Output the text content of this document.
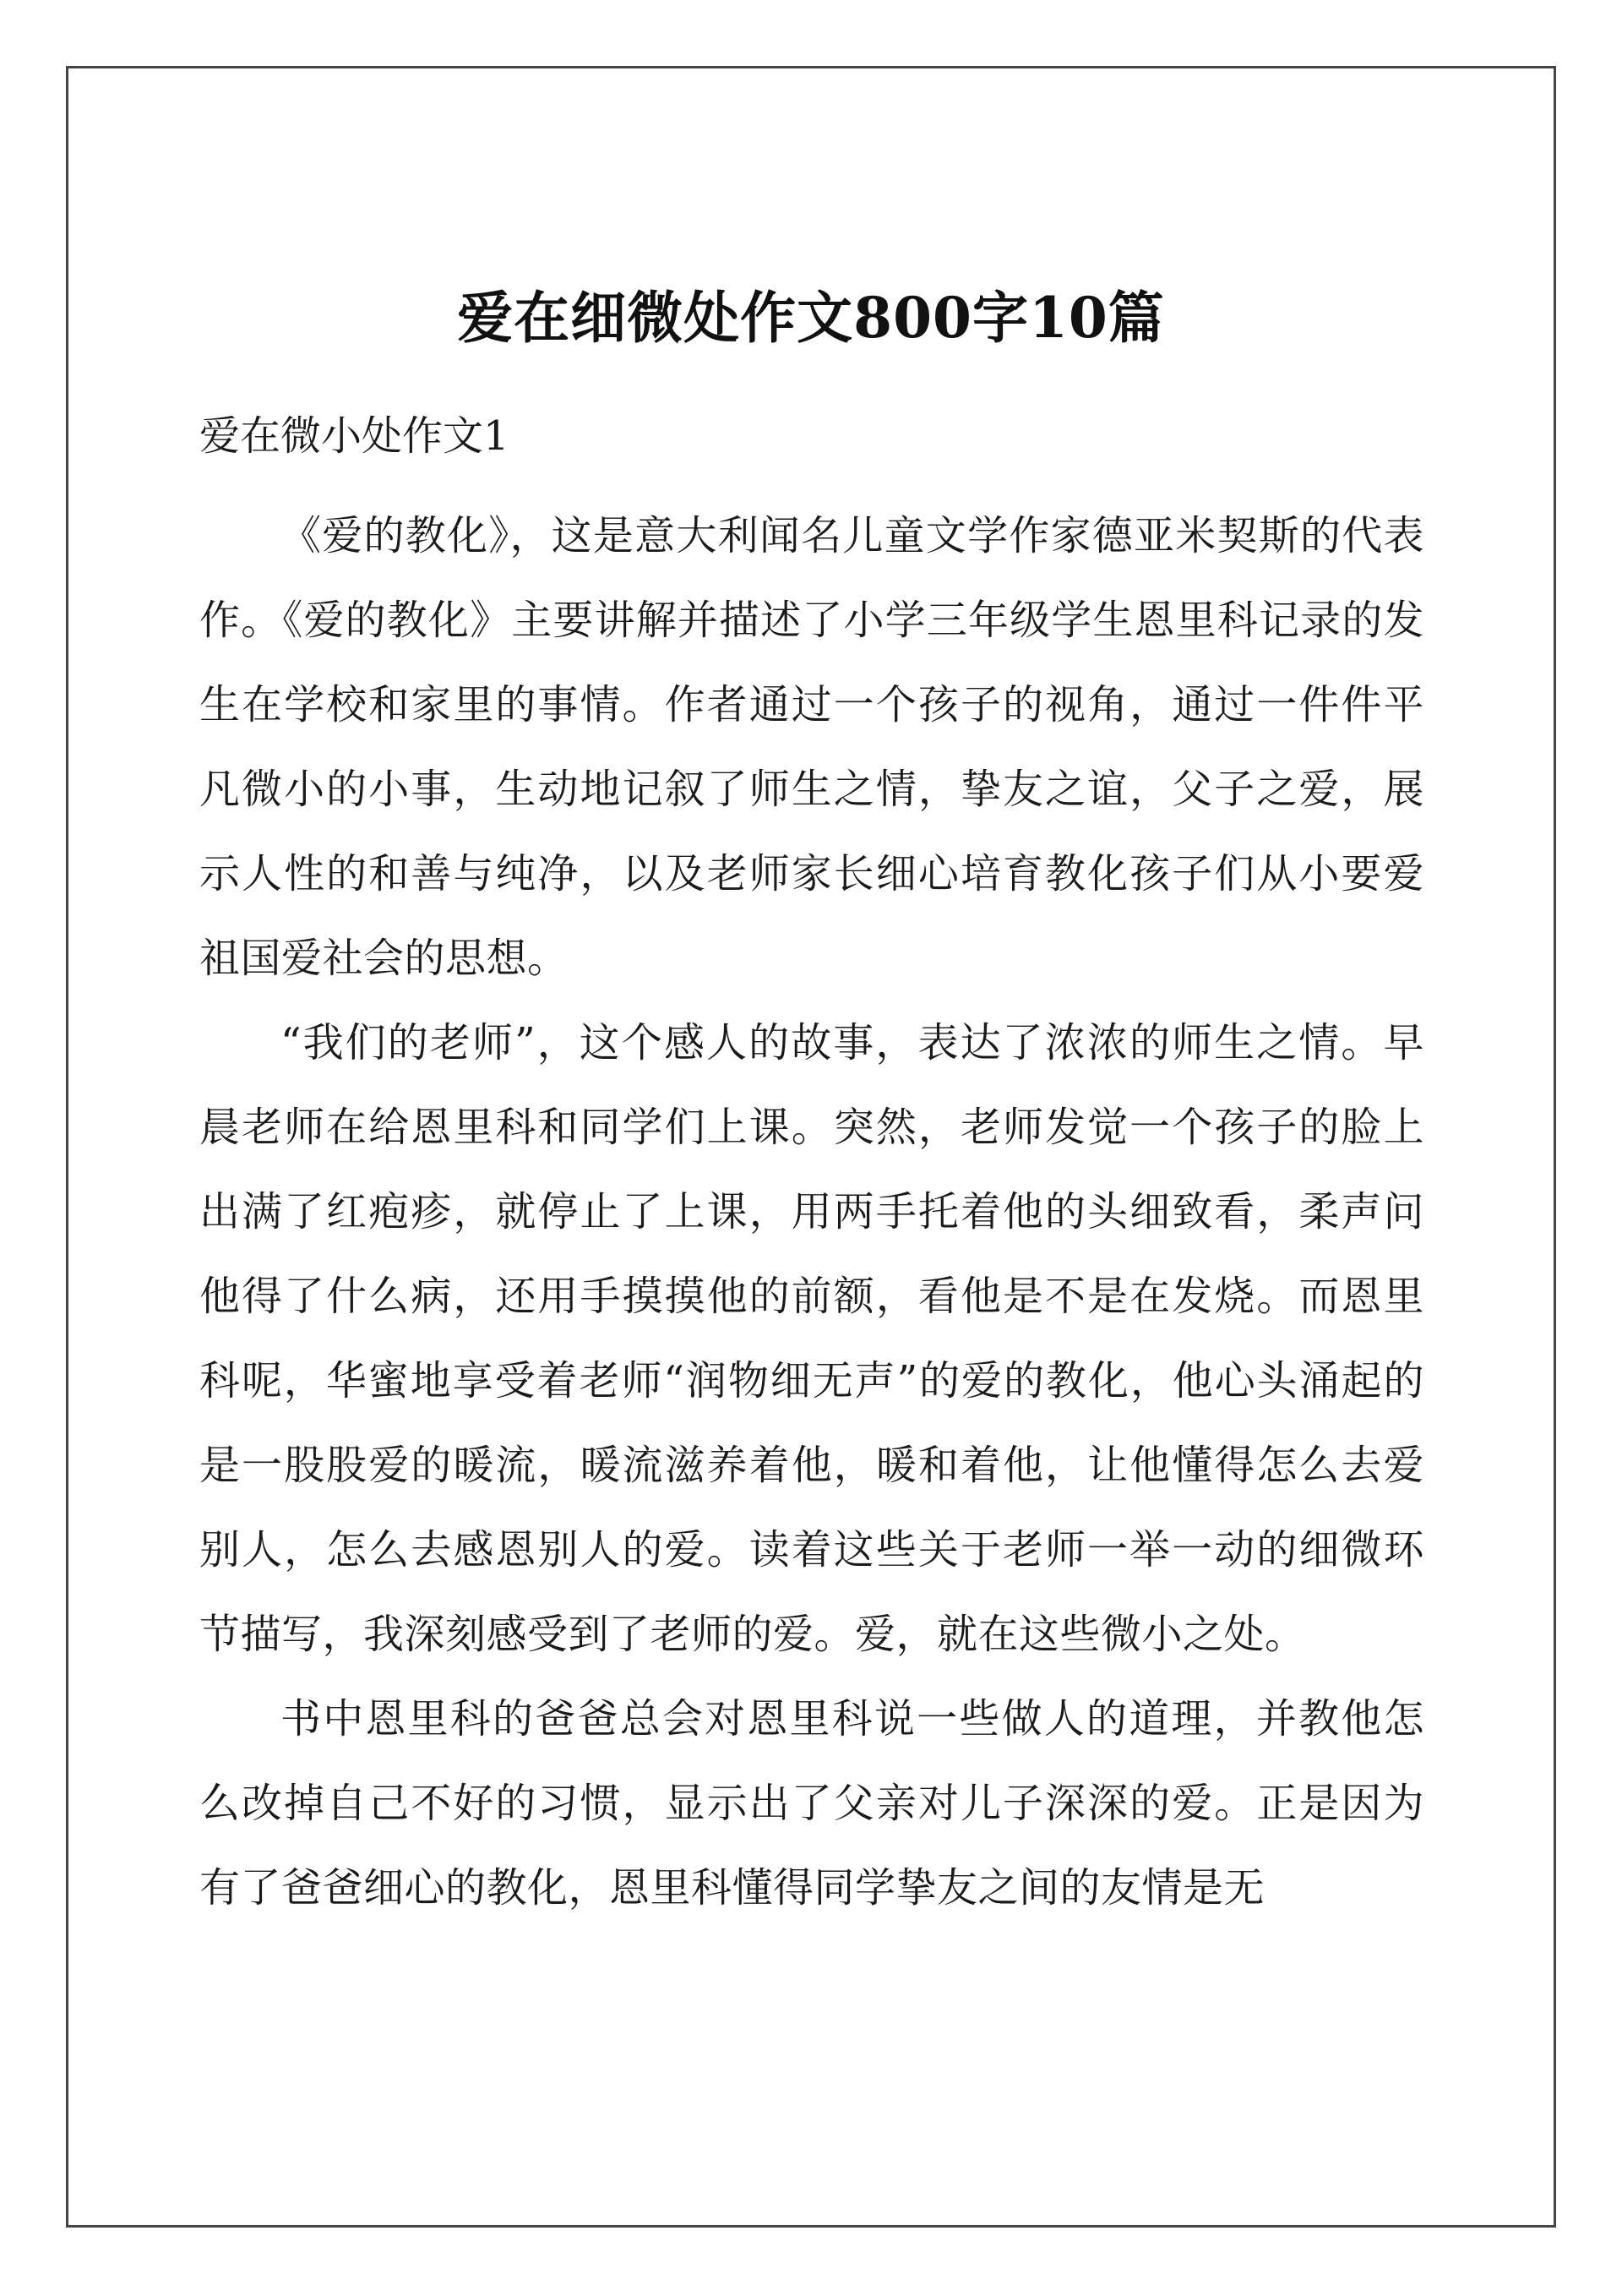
爱在细微处作文800字10篇
爱在微小处作文1

《爱的教化》，这是意大利闻名儿童文学作家德亚米契斯的代表作。《爱的教化》主要讲解并描述了小学三年级学生恩里科记录的发生在学校和家里的事情。作者通过一个孩子的视角，通过一件件平凡微小的小事，生动地记叙了师生之情，挚友之谊，父子之爱，展示人性的和善与纯净，以及老师家长细心培育教化孩子们从小要爱祖国爱社会的思想。

“我们的老师”，这个感人的故事，表达了浓浓的师生之情。早晨老师在给恩里科和同学们上课。突然，老师发觉一个孩子的脸上出满了红疱疹，就停止了上课，用两手托着他的头细致看，柔声问他得了什么病，还用手摸摸他的前额，看他是不是在发烧。而恩里科呢，华蜜地享受着老师“润物细无声”的爱的教化，他心头涌起的是一股股爱的暖流，暖流滋养着他，暖和着他，让他懂得怎么去爱别人，怎么去感恩别人的爱。读着这些关于老师一举一动的细微环节描写，我深刻感受到了老师的爱。爱，就在这些微小之处。

书中恩里科的爸爸总会对恩里科说一些做人的道理，并教他怎么改掉自己不好的习惯，显示出了父亲对儿子深深的爱。正是因为有了爸爸细心的教化，恩里科懂得同学挚友之间的友情是无
